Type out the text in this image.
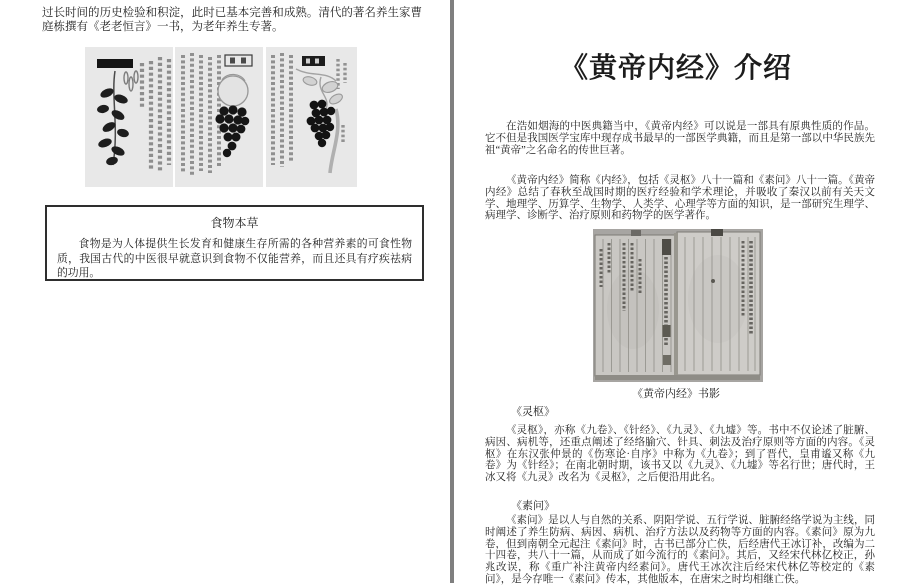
过长时间的历史检验和积淀，此时已基本完善和成熟。清代的著名养生家曹庭栋撰有《老老恒言》一书，为老年养生专著。

食物本草

食物是为人体提供生长发育和健康生存所需的各种营养素的可食性物质，我国古代的中医很早就意识到食物不仅能营养，而且还具有疗疾祛病的功用。

《黄帝内经》介绍

在浩如烟海的中医典籍当中，《黄帝内经》可以说是一部具有原典性质的作品。它不但是我国医学宝库中现存成书最早的一部医学典籍，而且是第一部以中华民族先祖“黄帝”之名命名的传世巨著。

《黄帝内经》简称《内经》，包括《灵枢》八十一篇和《素问》八十一篇。《黄帝内经》总结了春秋至战国时期的医疗经验和学术理论，并吸收了秦汉以前有关天文学、地理学、历算学、生物学、人类学、心理学等方面的知识，是一部研究生理学、病理学、诊断学、治疗原则和药物学的医学著作。

《黄帝内经》书影

《灵枢》

《灵枢》，亦称《九卷》、《针经》、《九灵》、《九墟》等。书中不仅论述了脏腑、病因、病机等，还重点阐述了经络腧穴、针具、刺法及治疗原则等方面的内容。《灵枢》在东汉张仲景的《伤寒论·自序》中称为《九卷》；到了晋代，皇甫谧又称《九卷》为《针经》；在南北朝时期，该书又以《九灵》、《九墟》等名行世；唐代时，王冰又将《九灵》改名为《灵枢》，之后便沿用此名。

《素问》

《素问》是以人与自然的关系、阴阳学说、五行学说、脏腑经络学说为主线，同时阐述了养生防病、病因、病机、治疗方法以及药物等方面的内容。《素问》原为九卷，但到南朝全元起注《素问》时，古书已部分亡佚，后经唐代王冰订补，改编为二十四卷，共八十一篇，从而成了如今流行的《素问》。其后，又经宋代林亿校正，孙兆改误，称《重广补注黄帝内经素问》。唐代王冰次注后经宋代林亿等校定的《素问》，是今存唯一《素问》传本，其他版本，在唐宋之时均相继亡佚。
